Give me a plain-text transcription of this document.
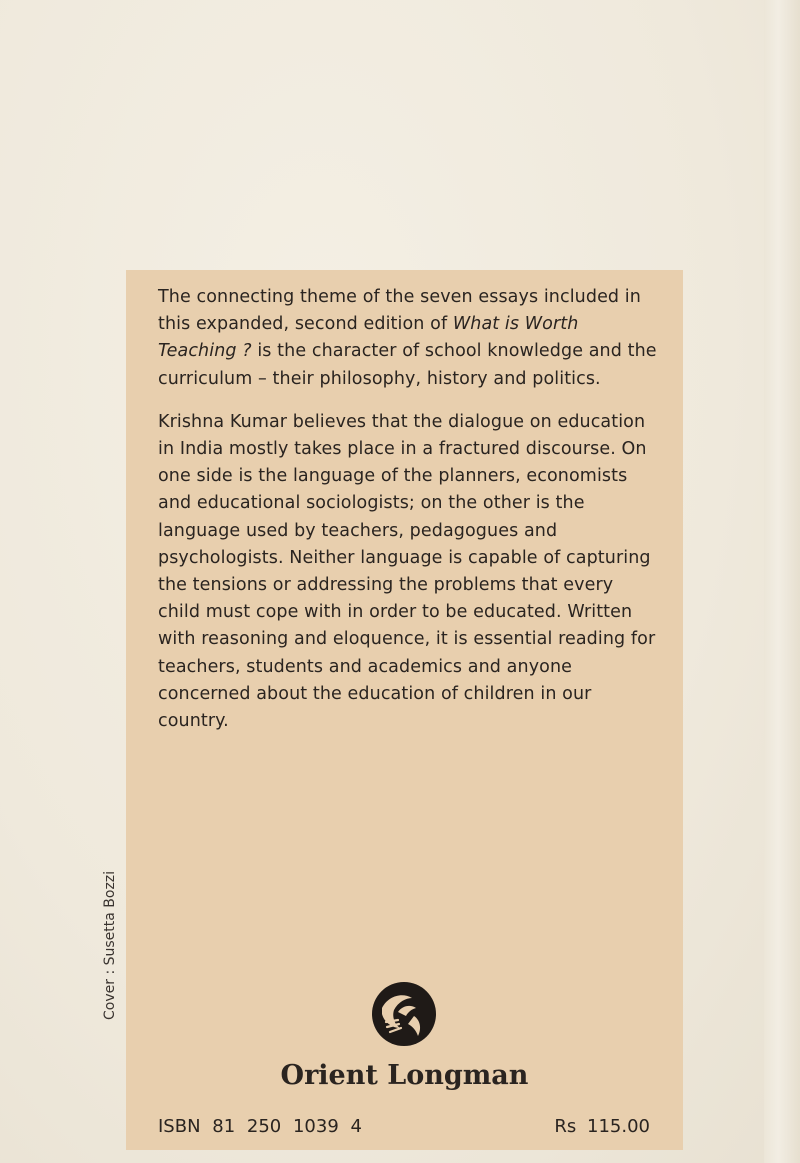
The connecting theme of the seven essays included in this expanded, second edition of What is Worth Teaching ? is the character of school knowledge and the curriculum – their philosophy, history and politics.

Krishna Kumar believes that the dialogue on education in India mostly takes place in a fractured discourse. On one side is the language of the planners, economists and educational sociologists; on the other is the language used by teachers, pedagogues and psychologists. Neither language is capable of capturing the tensions or addressing the problems that every child must cope with in order to be educated. Written with reasoning and eloquence, it is essential reading for teachers, students and academics and anyone concerned about the education of children in our country.

Cover : Susetta Bozzi
Orient Longman
ISBN 81 250 1039 4	Rs 115.00
